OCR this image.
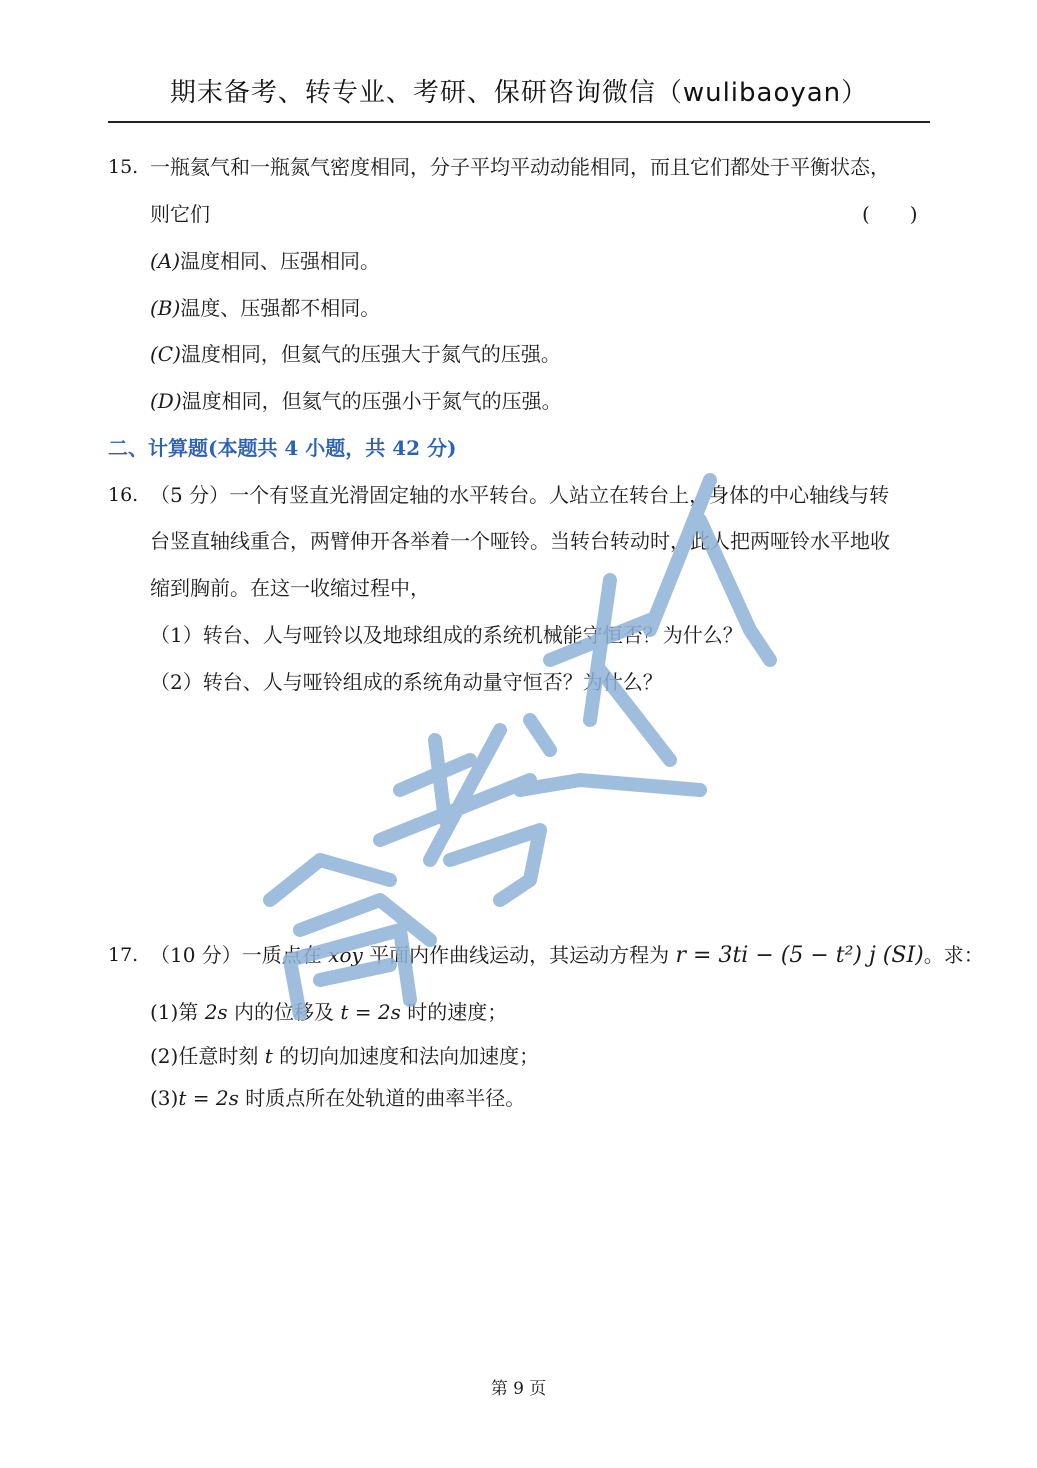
期末备考、转专业、考研、保研咨询微信（wulibaoyan）
15. 一瓶氦气和一瓶氮气密度相同，分子平均平动动能相同，而且它们都处于平衡状态，
则它们	(　　)
(A)温度相同、压强相同。
(B)温度、压强都不相同。
(C)温度相同，但氦气的压强大于氮气的压强。
(D)温度相同，但氦气的压强小于氮气的压强。
二、计算题(本题共 4 小题，共 42 分)
16. （5 分）一个有竖直光滑固定轴的水平转台。人站立在转台上，身体的中心轴线与转
台竖直轴线重合，两臂伸开各举着一个哑铃。当转台转动时，此人把两哑铃水平地收
缩到胸前。在这一收缩过程中，
（1）转台、人与哑铃以及地球组成的系统机械能守恒否？为什么？
（2）转台、人与哑铃组成的系统角动量守恒否？为什么？
17. （10 分）一质点在 xoy 平面内作曲线运动，其运动方程为 r = 3ti − (5 − t²) j (SI)。求：
(1)第 2s 内的位移及 t = 2s 时的速度；
(2)任意时刻 t 的切向加速度和法向加速度；
(3)t = 2s 时质点所在处轨道的曲率半径。
第 9 页
